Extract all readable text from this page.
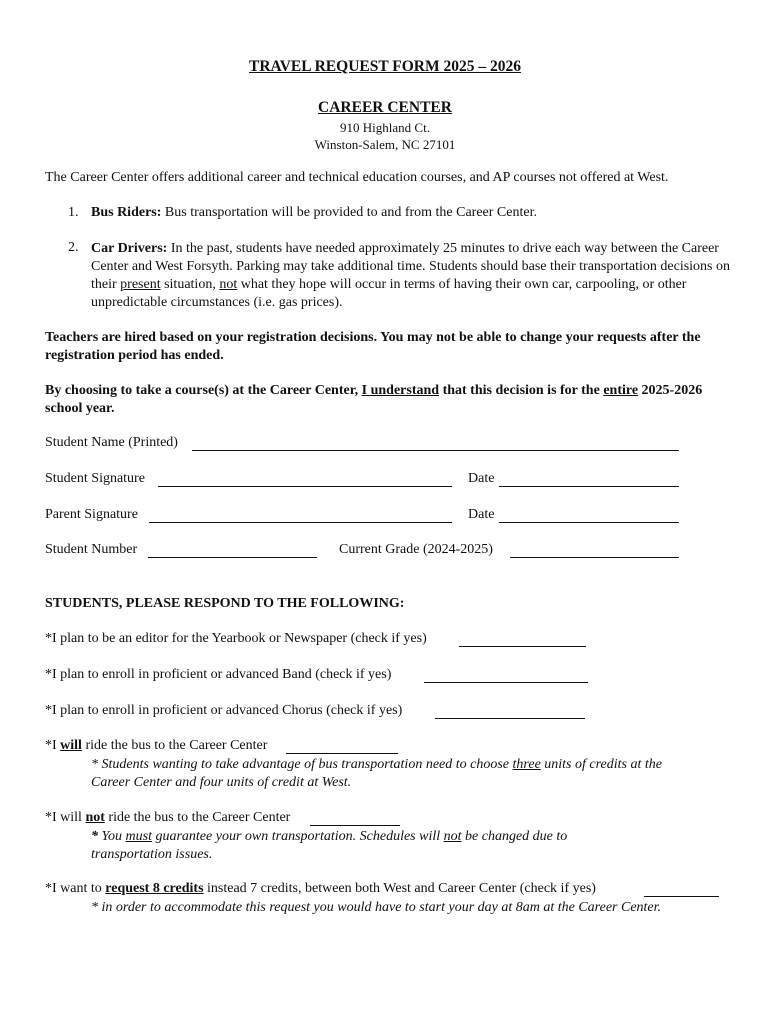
TRAVEL REQUEST FORM 2025 – 2026
CAREER CENTER
910 Highland Ct.
Winston-Salem, NC 27101
The Career Center offers additional career and technical education courses, and AP courses not offered at West.
1. Bus Riders: Bus transportation will be provided to and from the Career Center.
2. Car Drivers: In the past, students have needed approximately 25 minutes to drive each way between the Career Center and West Forsyth. Parking may take additional time. Students should base their transportation decisions on their present situation, not what they hope will occur in terms of having their own car, carpooling, or other unpredictable circumstances (i.e. gas prices).

Teachers are hired based on your registration decisions. You may not be able to change your requests after the registration period has ended.

By choosing to take a course(s) at the Career Center, I understand that this decision is for the entire 2025-2026 school year.

Student Name (Printed)
Student Signature	Date
Parent Signature	Date
Student Number	Current Grade (2024-2025)
STUDENTS, PLEASE RESPOND TO THE FOLLOWING:
*I plan to be an editor for the Yearbook or Newspaper (check if yes)
*I plan to enroll in proficient or advanced Band (check if yes)
*I plan to enroll in proficient or advanced Chorus (check if yes)
*I will ride the bus to the Career Center

* Students wanting to take advantage of bus transportation need to choose three units of credits at the Career Center and four units of credit at West.

*I will not ride the bus to the Career Center

* You must guarantee your own transportation. Schedules will not be changed due to transportation issues.

*I want to request 8 credits instead 7 credits, between both West and Career Center (check if yes)

* in order to accommodate this request you would have to start your day at 8am at the Career Center.
